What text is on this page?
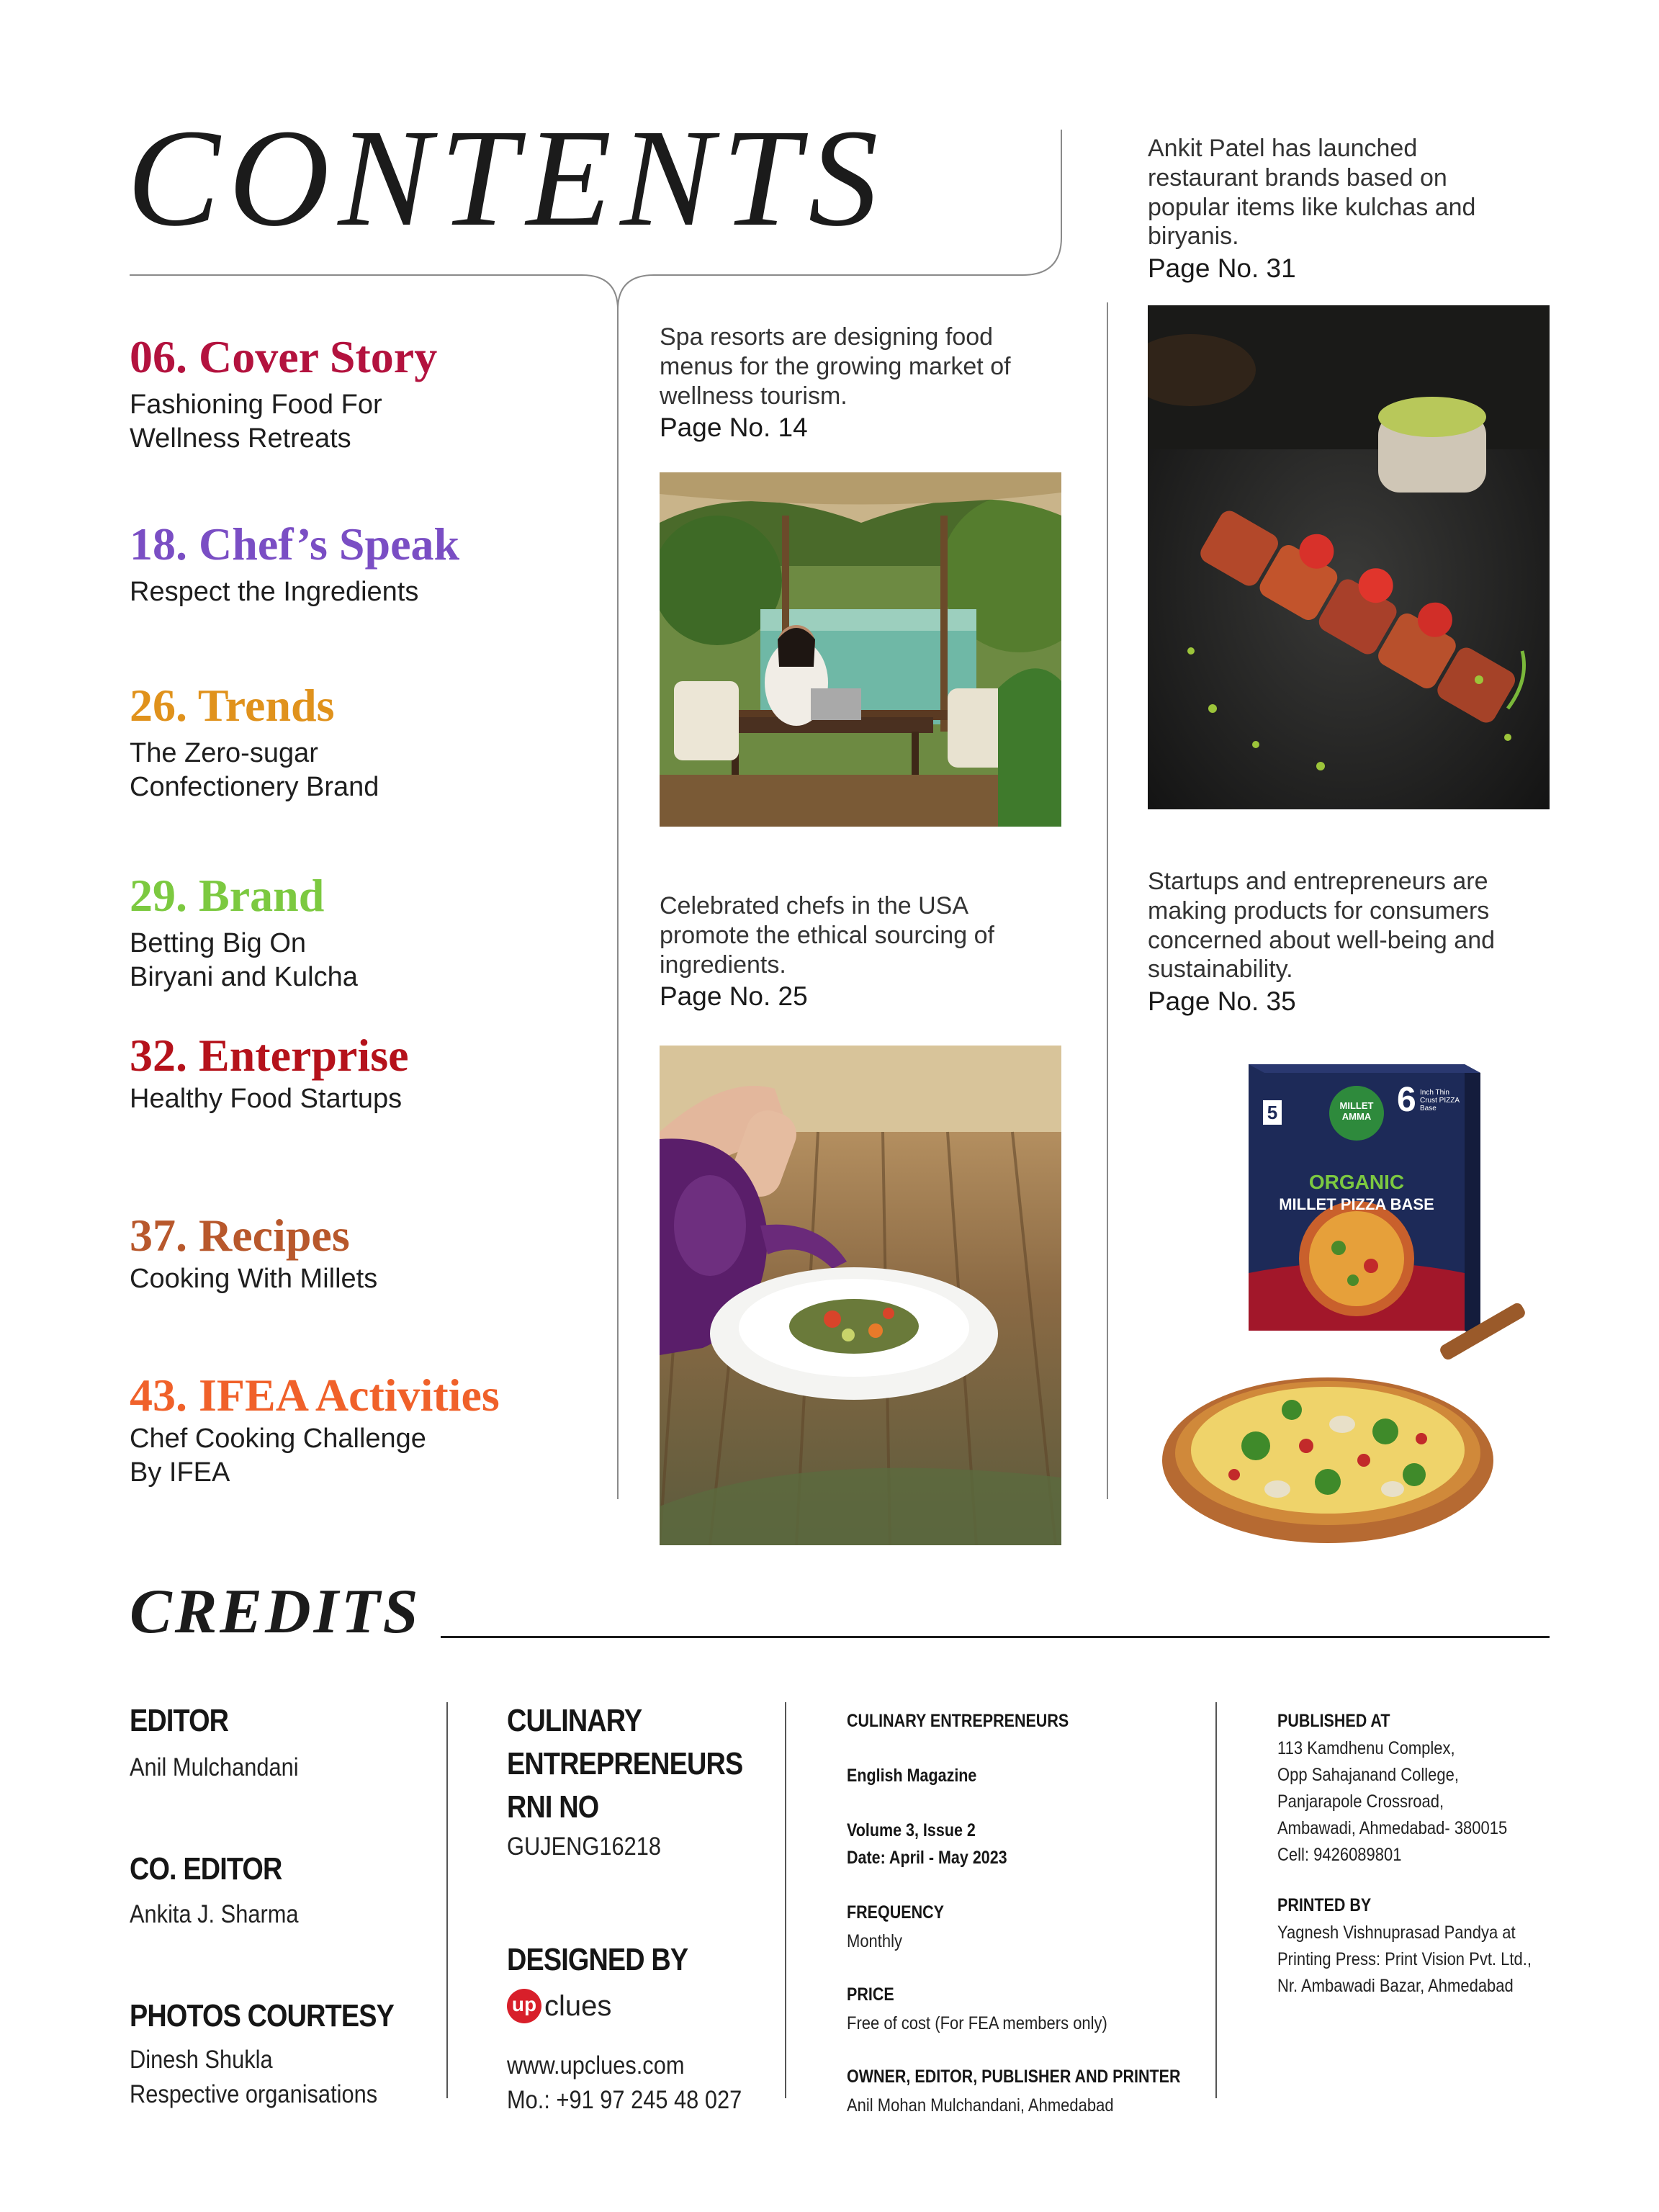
CONTENTS
06. Cover Story
Fashioning Food For
Wellness Retreats
18. Chef’s Speak
Respect the Ingredients
26. Trends
The Zero-sugar
Confectionery Brand
29. Brand
Betting Big On
Biryani and Kulcha
32. Enterprise
Healthy Food Startups
37. Recipes
Cooking With Millets
43. IFEA Activities
Chef Cooking Challenge
By IFEA
Spa resorts are designing food
menus for the growing market of
wellness tourism.
Page No. 14
Celebrated chefs in the USA
promote the ethical sourcing of
ingredients.
Page No. 25
Ankit Patel has launched
restaurant brands based on
popular items like kulchas and
biryanis.
Page No. 31
Startups and entrepreneurs are
making products for consumers
concerned about well-being and
sustainability.
Page No. 35
MILLET AMMA
5	6 Inch Thin Crust PIZZA Base
ORGANIC
MILLET PIZZA BASE
CREDITS
EDITOR
Anil Mulchandani
CO. EDITOR
Ankita J. Sharma
PHOTOS COURTESY
Dinesh Shukla
Respective organisations
CULINARY
ENTREPRENEURS
RNI NO
GUJENG16218
DESIGNED BY
up clues
www.upclues.com
Mo.: +91 97 245 48 027
CULINARY ENTREPRENEURS
English Magazine
Volume 3, Issue 2
Date: April - May 2023
FREQUENCY
Monthly
PRICE
Free of cost (For FEA members only)
OWNER, EDITOR, PUBLISHER AND PRINTER
Anil Mohan Mulchandani, Ahmedabad
PUBLISHED AT
113 Kamdhenu Complex,
Opp Sahajanand College,
Panjarapole Crossroad,
Ambawadi, Ahmedabad- 380015
Cell: 9426089801
PRINTED BY
Yagnesh Vishnuprasad Pandya at
Printing Press: Print Vision Pvt. Ltd.,
Nr. Ambawadi Bazar, Ahmedabad
